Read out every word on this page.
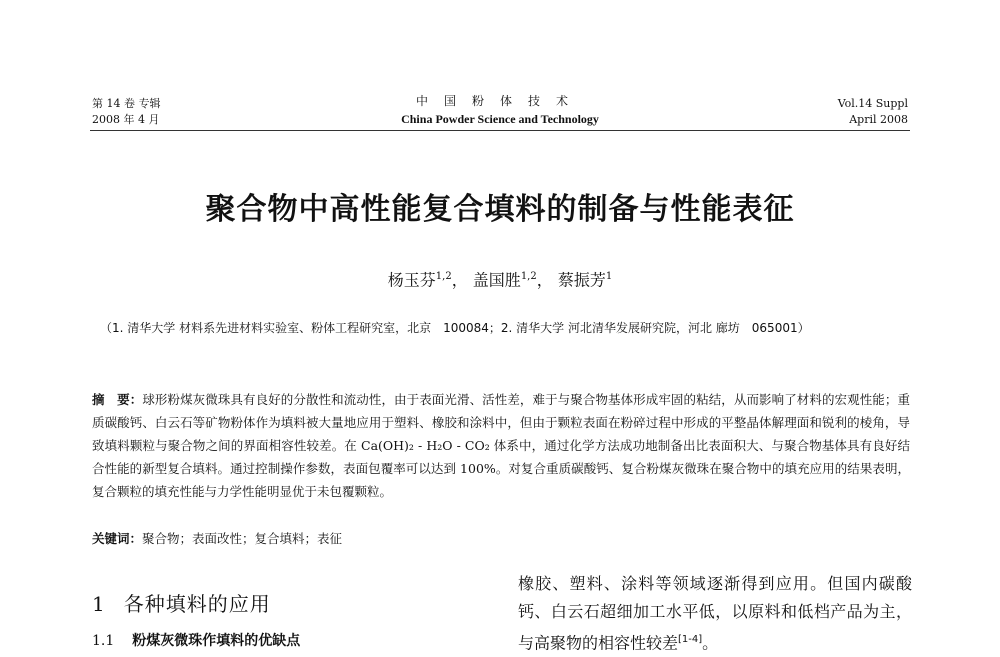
第 14 卷 专辑
2008 年 4 月
中国粉体技术
China Powder Science and Technology
Vol.14 Suppl
April 2008
聚合物中高性能复合填料的制备与性能表征
杨玉芬$^{1,2}$， 盖国胜$^{1,2}$， 蔡振芳$^1$
（1. 清华大学 材料系先进材料实验室、粉体工程研究室，北京　100084；2. 清华大学 河北清华发展研究院，河北 廊坊　065001）
摘　要：球形粉煤灰微珠具有良好的分散性和流动性，由于表面光滑、活性差，难于与聚合物基体形成牢固的粘结，从而影响了材料的宏观性能；重质碳酸钙、白云石等矿物粉体作为填料被大量地应用于塑料、橡胶和涂料中，但由于颗粒表面在粉碎过程中形成的平整晶体解理面和锐利的棱角，导致填料颗粒与聚合物之间的界面相容性较差。在 Ca(OH)₂ - H₂O - CO₂ 体系中，通过化学方法成功地制备出比表面积大、与聚合物基体具有良好结合性能的新型复合填料。通过控制操作参数，表面包覆率可以达到 100%。对复合重质碳酸钙、复合粉煤灰微珠在聚合物中的填充应用的结果表明，复合颗粒的填充性能与力学性能明显优于未包覆颗粒。
关键词：聚合物；表面改性；复合填料；表征
1 各种填料的应用
1.1 粉煤灰微珠作填料的优缺点
橡胶、塑料、涂料等领域逐渐得到应用。但国内碳酸钙、白云石超细加工水平低，以原料和低档产品为主，与高聚物的相容性较差[1-4]。
